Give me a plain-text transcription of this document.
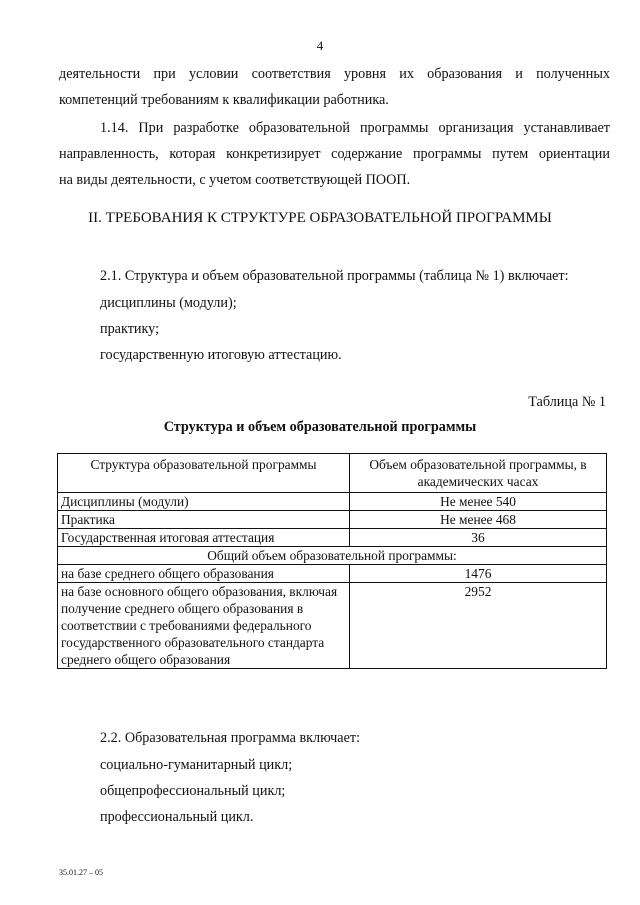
4
деятельности при условии соответствия уровня их образования и полученных
компетенций требованиям к квалификации работника.
1.14. При разработке образовательной программы организация устанавливает
направленность, которая конкретизирует содержание программы путем ориентации
на виды деятельности, с учетом соответствующей ПООП.
II. ТРЕБОВАНИЯ К СТРУКТУРЕ ОБРАЗОВАТЕЛЬНОЙ ПРОГРАММЫ
2.1. Структура и объем образовательной программы (таблица № 1) включает:
дисциплины (модули);
практику;
государственную итоговую аттестацию.
Таблица № 1
Структура и объем образовательной программы
Структура образовательной программы	Объем образовательной программы, в академических часах
Дисциплины (модули)	Не менее 540
Практика	Не менее 468
Государственная итоговая аттестация	36
Общий объем образовательной программы:	
на базе среднего общего образования	1476
на базе основного общего образования, включая получение среднего общего образования в соответствии с требованиями федерального государственного образовательного стандарта среднего общего образования	2952
2.2. Образовательная программа включает:
социально-гуманитарный цикл;
общепрофессиональный цикл;
профессиональный цикл.
35.01.27 – 05
